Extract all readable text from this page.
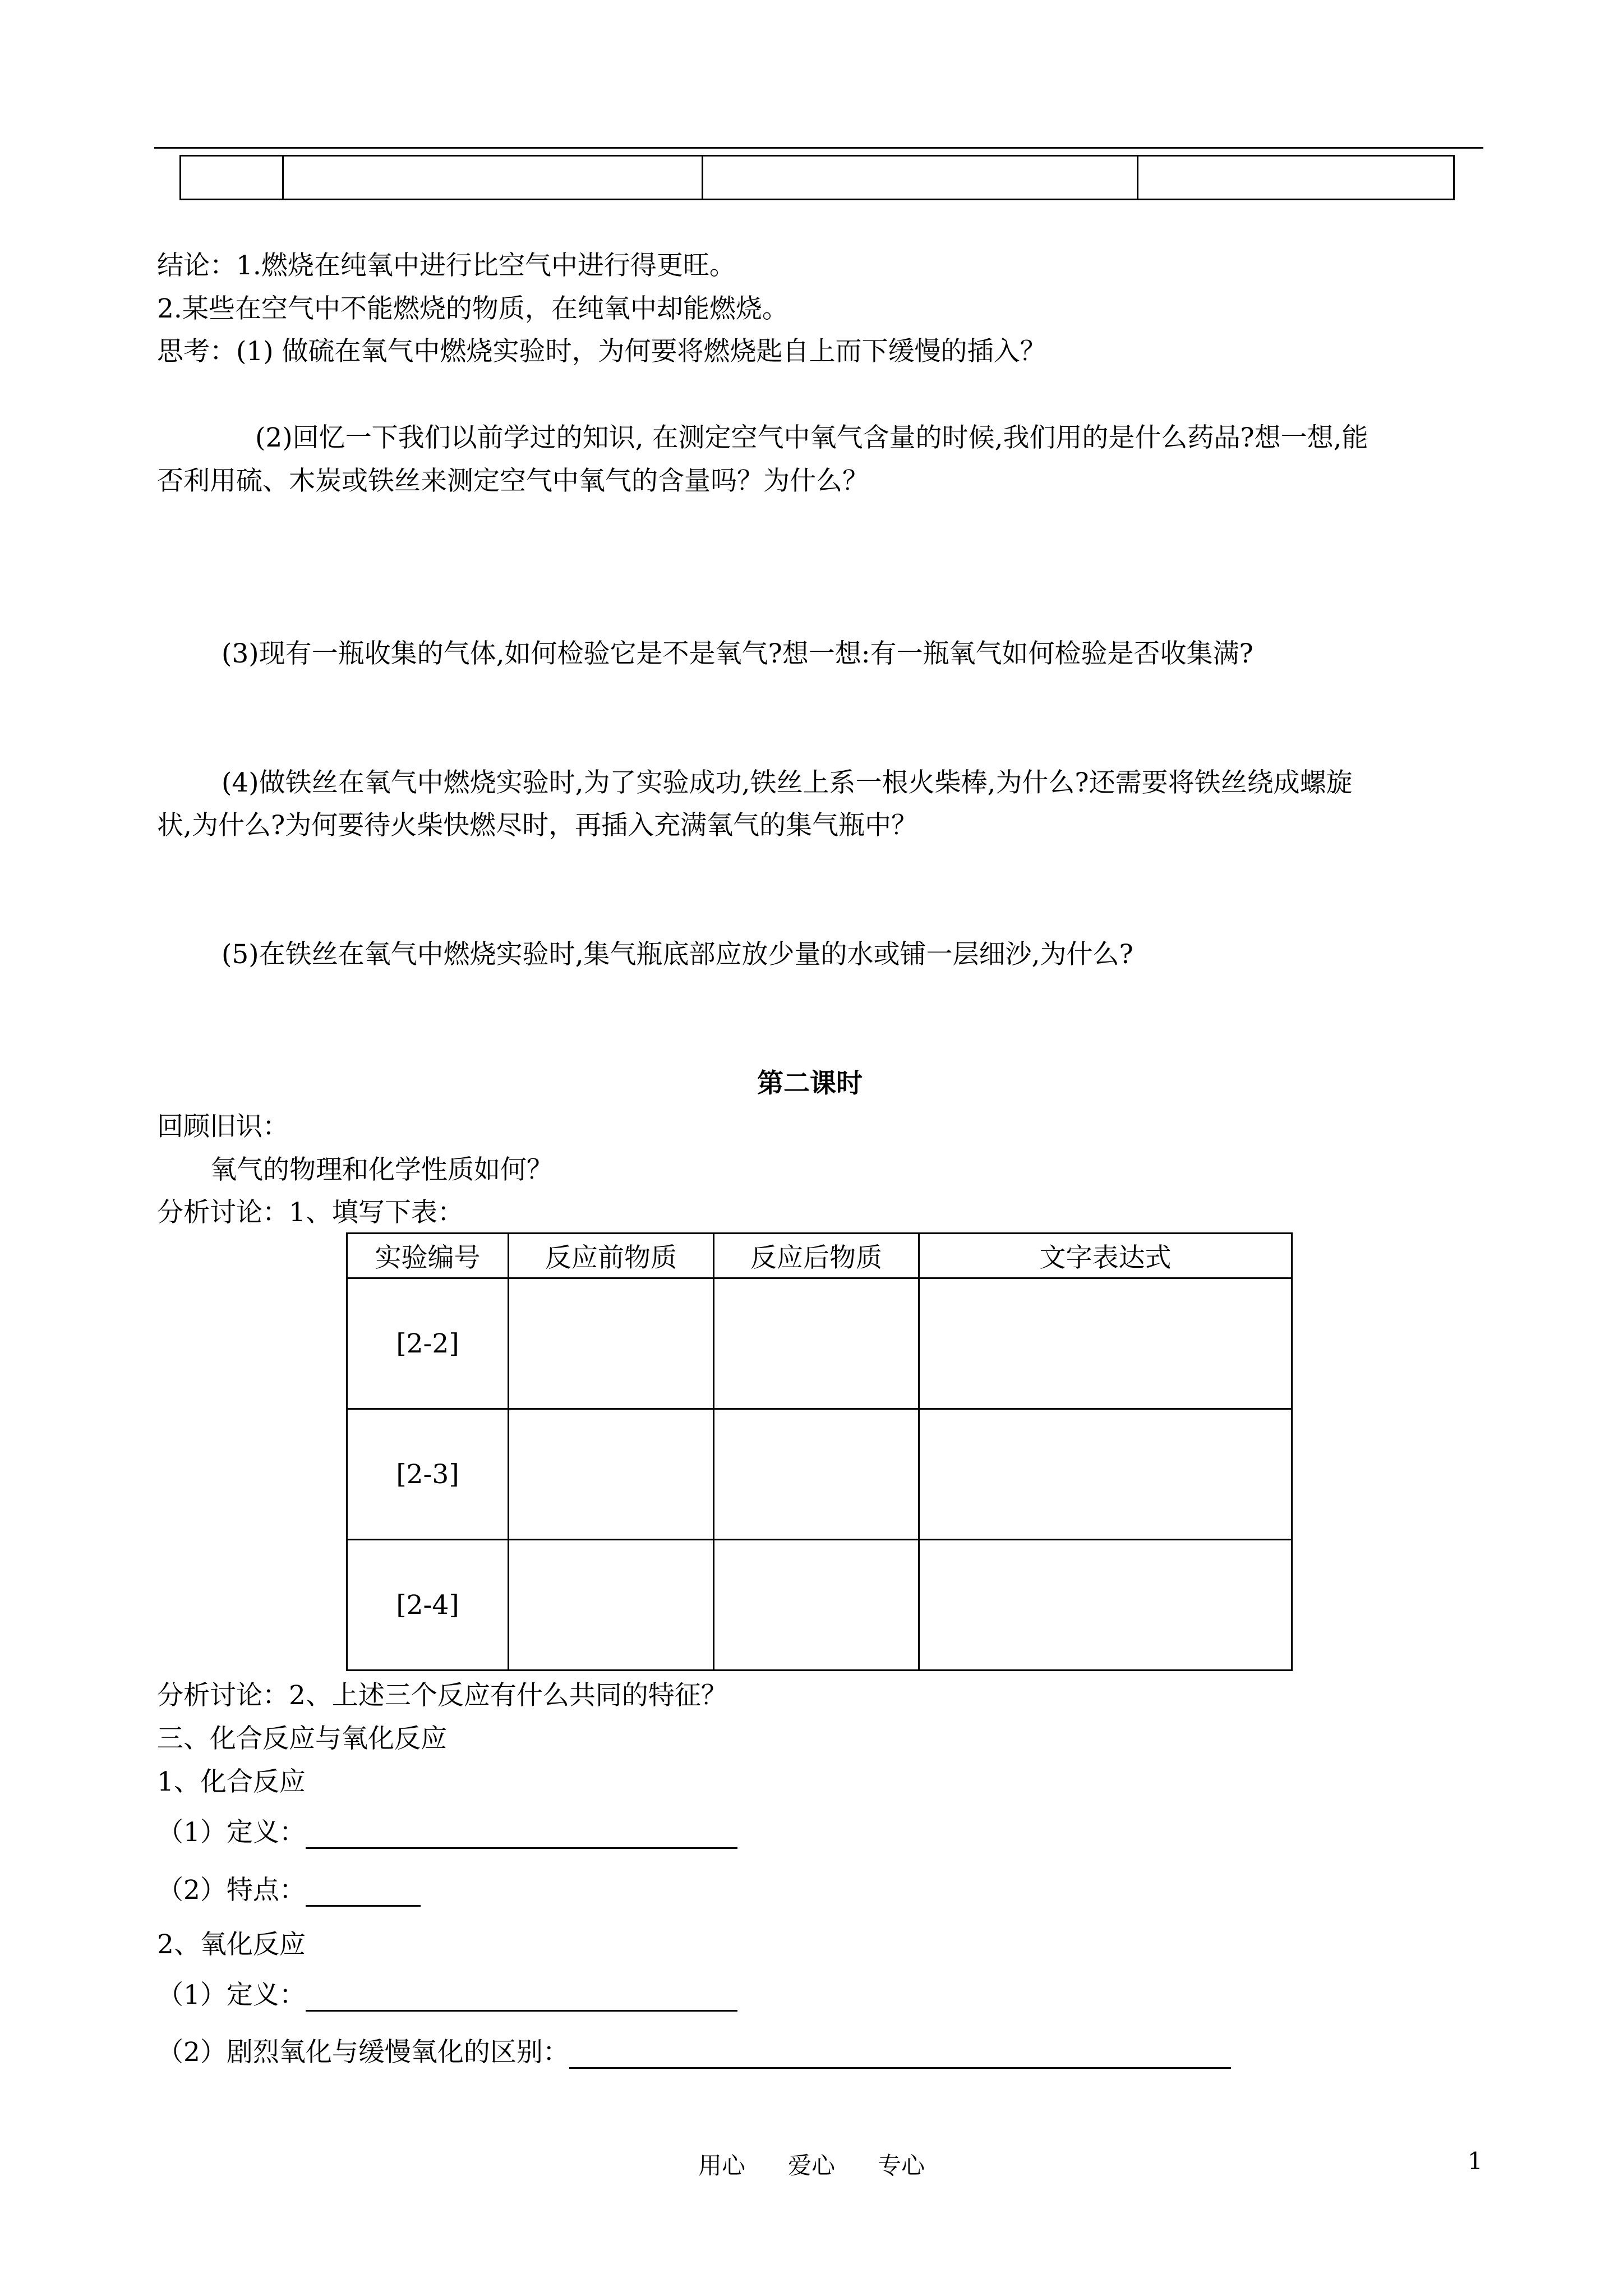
结论：1.燃烧在纯氧中进行比空气中进行得更旺。
2.某些在空气中不能燃烧的物质，在纯氧中却能燃烧。
思考：(1) 做硫在氧气中燃烧实验时，为何要将燃烧匙自上而下缓慢的插入？
(2)回忆一下我们以前学过的知识, 在测定空气中氧气含量的时候,我们用的是什么药品?想一想,能
否利用硫、木炭或铁丝来测定空气中氧气的含量吗？为什么？
(3)现有一瓶收集的气体,如何检验它是不是氧气?想一想:有一瓶氧气如何检验是否收集满?
(4)做铁丝在氧气中燃烧实验时,为了实验成功,铁丝上系一根火柴棒,为什么?还需要将铁丝绕成螺旋
状,为什么?为何要待火柴快燃尽时，再插入充满氧气的集气瓶中？
(5)在铁丝在氧气中燃烧实验时,集气瓶底部应放少量的水或铺一层细沙,为什么?
第二课时
回顾旧识：
氧气的物理和化学性质如何？
分析讨论：1、填写下表：
实验编号	反应前物质	反应后物质	文字表达式
[2-2]			
[2-3]			
[2-4]			
分析讨论：2、上述三个反应有什么共同的特征？
三、化合反应与氧化反应
1、化合反应
（1）定义：
（2）特点：
2、氧化反应
（1）定义：
（2）剧烈氧化与缓慢氧化的区别：
用心 爱心 专心	1
